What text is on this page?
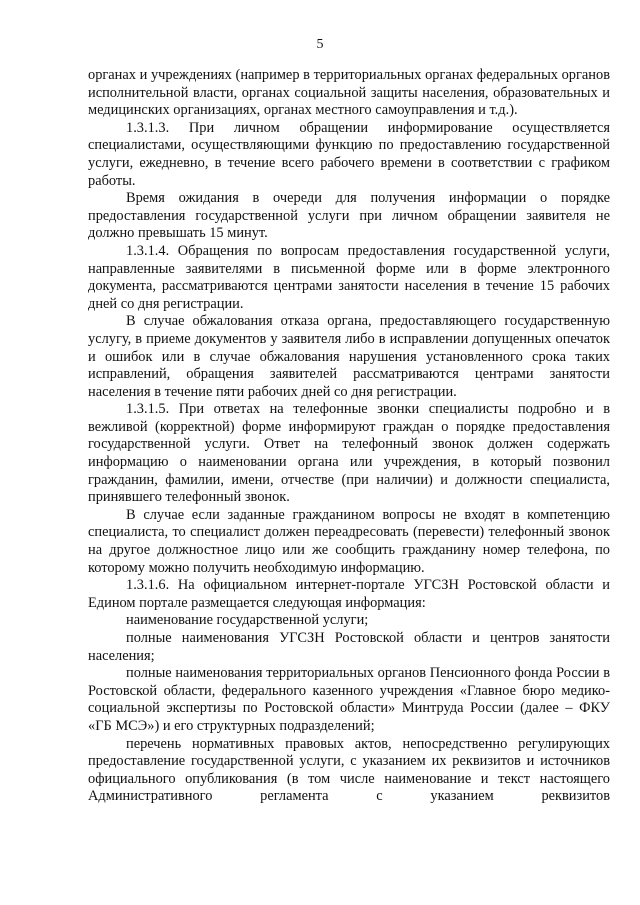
5

органах и учреждениях (например в территориальных органах федеральных органов исполнительной власти, органах социальной защиты населения, образовательных и медицинских организациях, органах местного самоуправления и т.д.).

1.3.1.3. При личном обращении информирование осуществляется специалистами, осуществляющими функцию по предоставлению государственной услуги, ежедневно, в течение всего рабочего времени в соответствии с графиком работы.

Время ожидания в очереди для получения информации о порядке предоставления государственной услуги при личном обращении заявителя не должно превышать 15 минут.

1.3.1.4. Обращения по вопросам предоставления государственной услуги, направленные заявителями в письменной форме или в форме электронного документа, рассматриваются центрами занятости населения в течение 15 рабочих дней со дня регистрации.

В случае обжалования отказа органа, предоставляющего государственную услугу, в приеме документов у заявителя либо в исправлении допущенных опечаток и ошибок или в случае обжалования нарушения установленного срока таких исправлений, обращения заявителей рассматриваются центрами занятости населения в течение пяти рабочих дней со дня регистрации.

1.3.1.5. При ответах на телефонные звонки специалисты подробно и в вежливой (корректной) форме информируют граждан о порядке предоставления государственной услуги. Ответ на телефонный звонок должен содержать информацию о наименовании органа или учреждения, в который позвонил гражданин, фамилии, имени, отчестве (при наличии) и должности специалиста, принявшего телефонный звонок.

В случае если заданные гражданином вопросы не входят в компетенцию специалиста, то специалист должен переадресовать (перевести) телефонный звонок на другое должностное лицо или же сообщить гражданину номер телефона, по которому можно получить необходимую информацию.

1.3.1.6. На официальном интернет-портале УГСЗН Ростовской области и Едином портале размещается следующая информация:

наименование государственной услуги;

полные наименования УГСЗН Ростовской области и центров занятости населения;

полные наименования территориальных органов Пенсионного фонда России в Ростовской области, федерального казенного учреждения «Главное бюро медико-социальной экспертизы по Ростовской области» Минтруда России (далее – ФКУ «ГБ МСЭ») и его структурных подразделений;

перечень нормативных правовых актов, непосредственно регулирующих предоставление государственной услуги, с указанием их реквизитов и источников официального опубликования (в том числе наименование и текст настоящего Административного регламента с указанием реквизитов
